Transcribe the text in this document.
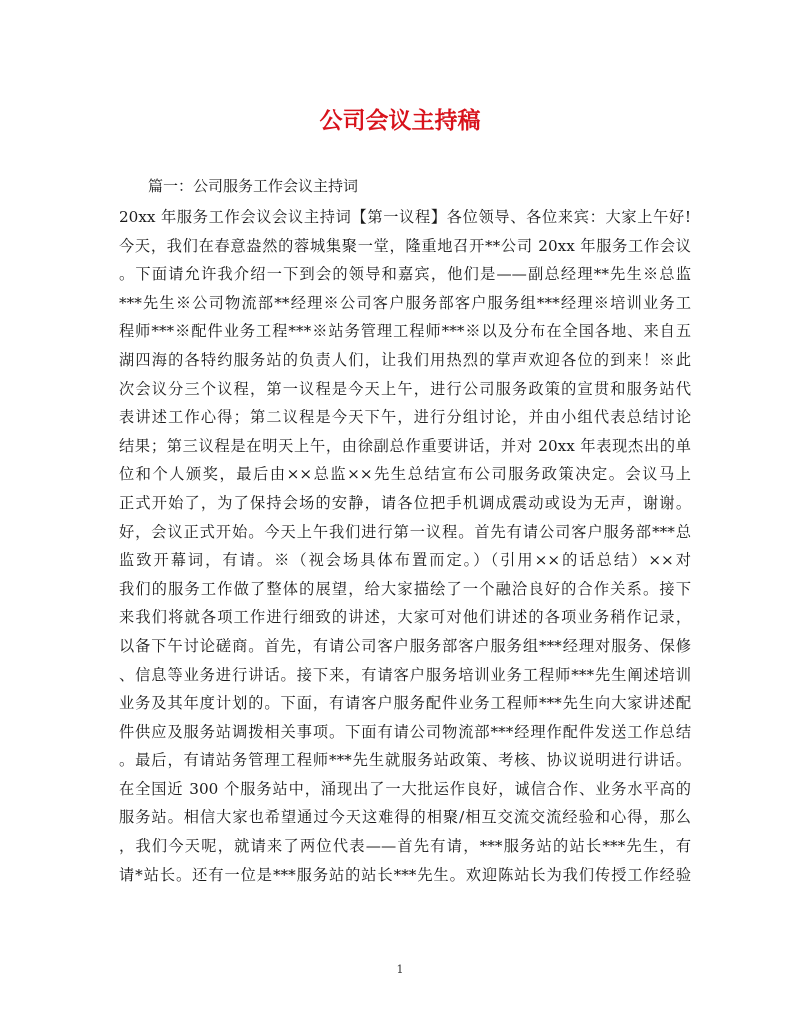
公司会议主持稿

篇一：公司服务工作会议主持词

20xx 年服务工作会议会议主持词【第一议程】各位领导、各位来宾：大家上午好!
今天，我们在春意盎然的蓉城集聚一堂，隆重地召开**公司 20xx 年服务工作会议
。下面请允许我介绍一下到会的领导和嘉宾，他们是——副总经理**先生※总监
***先生※公司物流部**经理※公司客户服务部客户服务组***经理※培训业务工
程师***※配件业务工程***※站务管理工程师***※以及分布在全国各地、来自五
湖四海的各特约服务站的负责人们，让我们用热烈的掌声欢迎各位的到来！※此
次会议分三个议程，第一议程是今天上午，进行公司服务政策的宣贯和服务站代
表讲述工作心得；第二议程是今天下午，进行分组讨论，并由小组代表总结讨论
结果；第三议程是在明天上午，由徐副总作重要讲话，并对 20xx 年表现杰出的单
位和个人颁奖，最后由××总监××先生总结宣布公司服务政策决定。会议马上
正式开始了，为了保持会场的安静，请各位把手机调成震动或设为无声，谢谢。
好，会议正式开始。今天上午我们进行第一议程。首先有请公司客户服务部***总
监致开幕词，有请。※（视会场具体布置而定。）（引用××的话总结）××对
我们的服务工作做了整体的展望，给大家描绘了一个融洽良好的合作关系。接下
来我们将就各项工作进行细致的讲述，大家可对他们讲述的各项业务稍作记录，
以备下午讨论磋商。首先，有请公司客户服务部客户服务组***经理对服务、保修
、信息等业务进行讲话。接下来，有请客户服务培训业务工程师***先生阐述培训
业务及其年度计划的。下面，有请客户服务配件业务工程师***先生向大家讲述配
件供应及服务站调拨相关事项。下面有请公司物流部***经理作配件发送工作总结
。最后，有请站务管理工程师***先生就服务站政策、考核、协议说明进行讲话。
在全国近 300 个服务站中，涌现出了一大批运作良好，诚信合作、业务水平高的
服务站。相信大家也希望通过今天这难得的相聚/相互交流交流经验和心得，那么
，我们今天呢，就请来了两位代表——首先有请，***服务站的站长***先生，有
请*站长。还有一位是***服务站的站长***先生。欢迎陈站长为我们传授工作经验
1
